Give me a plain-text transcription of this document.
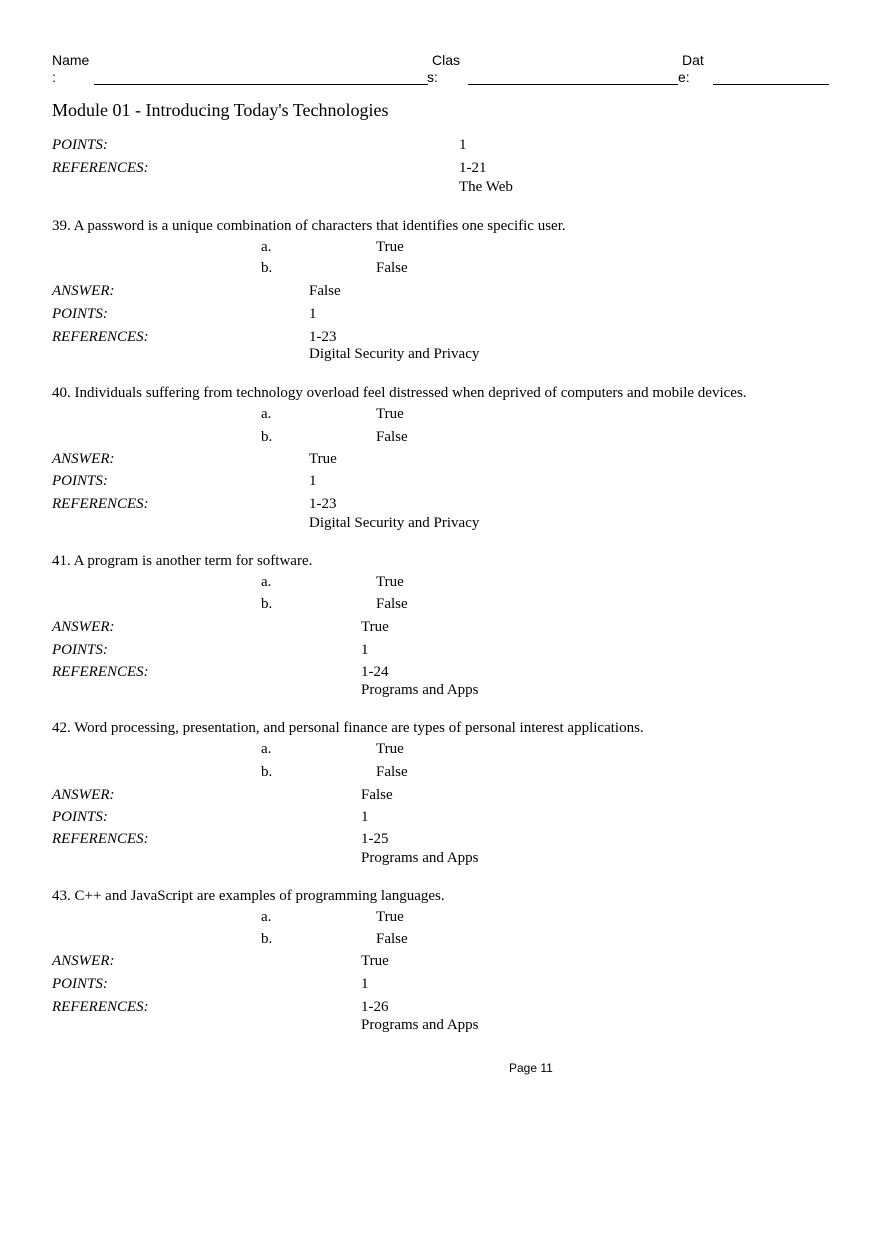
Name
:
Clas
s:
Dat
e:
Module 01 - Introducing Today's Technologies
POINTS:	1
REFERENCES:	1-21
The Web
39. A password is a unique combination of characters that identifies one specific user.
a.	True
b.	False
ANSWER:	False
POINTS:	1
REFERENCES:	1-23
Digital Security and Privacy
40. Individuals suffering from technology overload feel distressed when deprived of computers and mobile devices.
a.	True
b.	False
ANSWER:	True
POINTS:	1
REFERENCES:	1-23
Digital Security and Privacy
41. A program is another term for software.
a.	True
b.	False
ANSWER:	True
POINTS:	1
REFERENCES:	1-24
Programs and Apps
42. Word processing, presentation, and personal finance are types of personal interest applications.
a.	True
b.	False
ANSWER:	False
POINTS:	1
REFERENCES:	1-25
Programs and Apps
43. C++ and JavaScript are examples of programming languages.
a.	True
b.	False
ANSWER:	True
POINTS:	1
REFERENCES:	1-26
Programs and Apps
Page 11
